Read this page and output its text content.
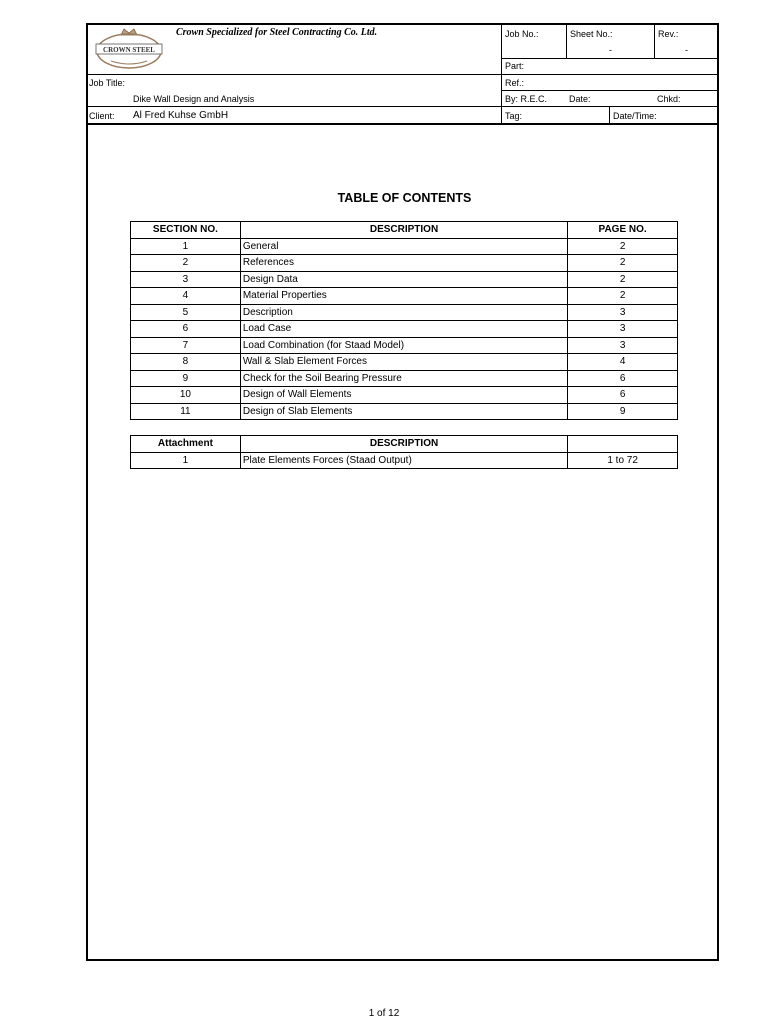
CROWN STEEL
Crown Specialized for Steel Contracting Co. Ltd.	Job No.:	Sheet No.:
-
Rev.:
-
Part:
Job Title:
Dike Wall Design and Analysis
Ref.:
By: R.E.C. Date:	Chkd:
Client: Al Fred Kuhse GmbH	Tag:	Date/Time:
TABLE OF CONTENTS
SECTION NO.	DESCRIPTION	PAGE NO.
1	General	2
2	References	2
3	Design Data	2
4	Material Properties	2
5	Description	3
6	Load Case	3
7	Load Combination (for Staad Model)	3
8	Wall & Slab Element Forces	4
9	Check for the Soil Bearing Pressure	6
10	Design of Wall Elements	6
11	Design of Slab Elements	9
Attachment	DESCRIPTION	
1	Plate Elements Forces (Staad Output)	1 to 72
1 of 12
